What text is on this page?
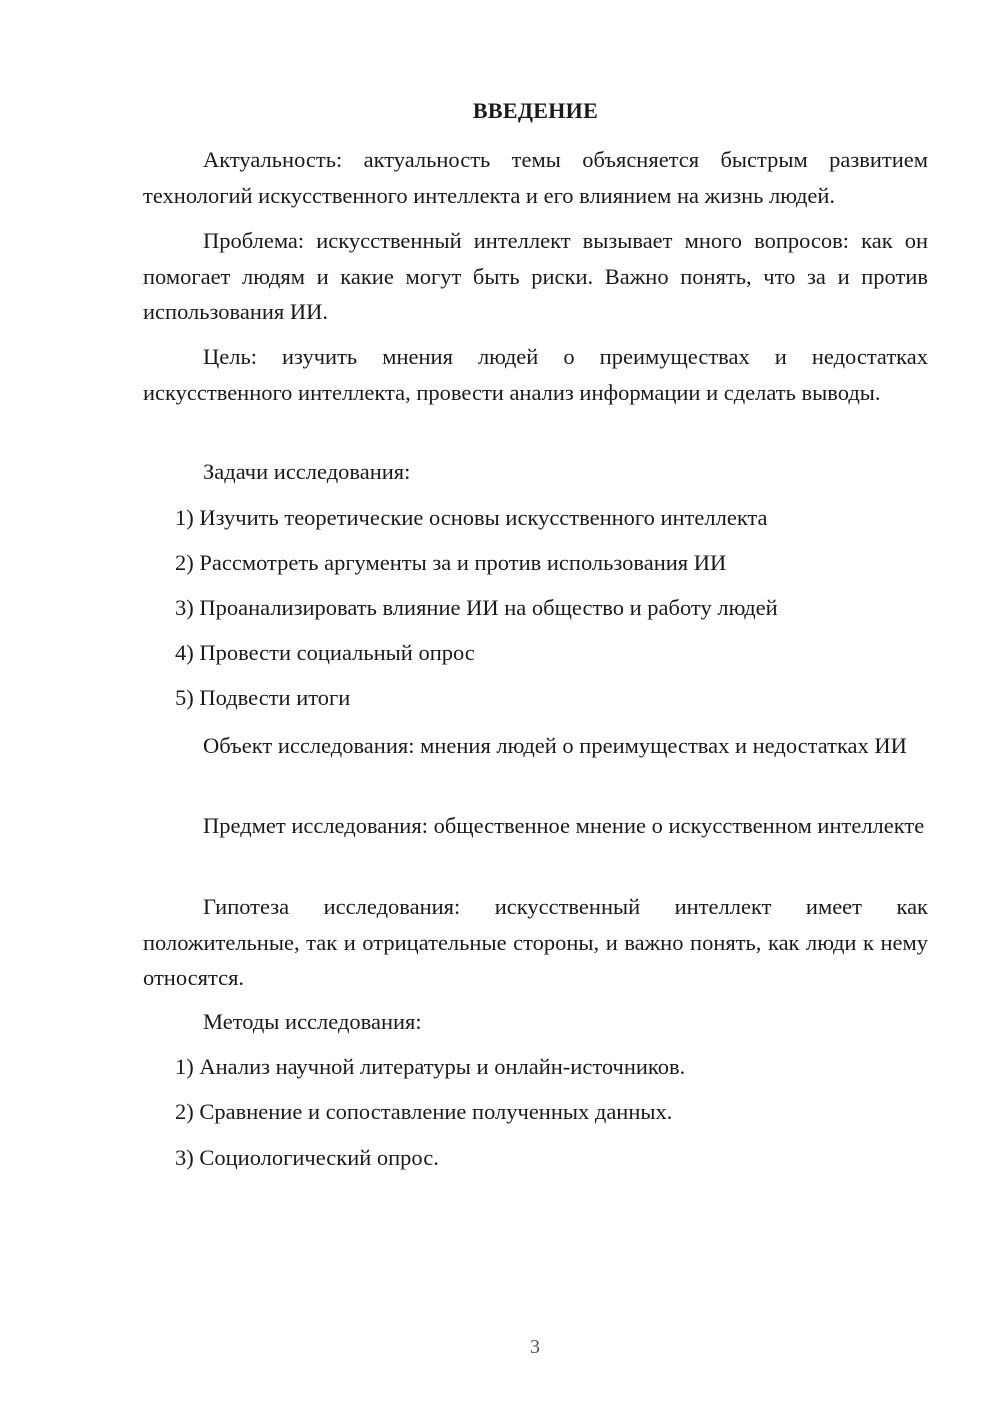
ВВЕДЕНИЕ
Актуальность: актуальность темы объясняется быстрым развитием технологий искусственного интеллекта и его влиянием на жизнь людей.
Проблема: искусственный интеллект вызывает много вопросов: как он помогает людям и какие могут быть риски. Важно понять, что за и против использования ИИ.
Цель: изучить мнения людей о преимуществах и недостатках искусственного интеллекта, провести анализ информации и сделать выводы.
Задачи исследования:
1) Изучить теоретические основы искусственного интеллекта
2) Рассмотреть аргументы за и против использования ИИ
3) Проанализировать влияние ИИ на общество и работу людей
4) Провести социальный опрос
5) Подвести итоги
Объект исследования: мнения людей о преимуществах и недостатках ИИ
Предмет исследования: общественное мнение о искусственном интеллекте
Гипотеза исследования: искусственный интеллект имеет как положительные, так и отрицательные стороны, и важно понять, как люди к нему относятся.
Методы исследования:
1) Анализ научной литературы и онлайн-источников.
2) Сравнение и сопоставление полученных данных.
3) Социологический опрос.
3
